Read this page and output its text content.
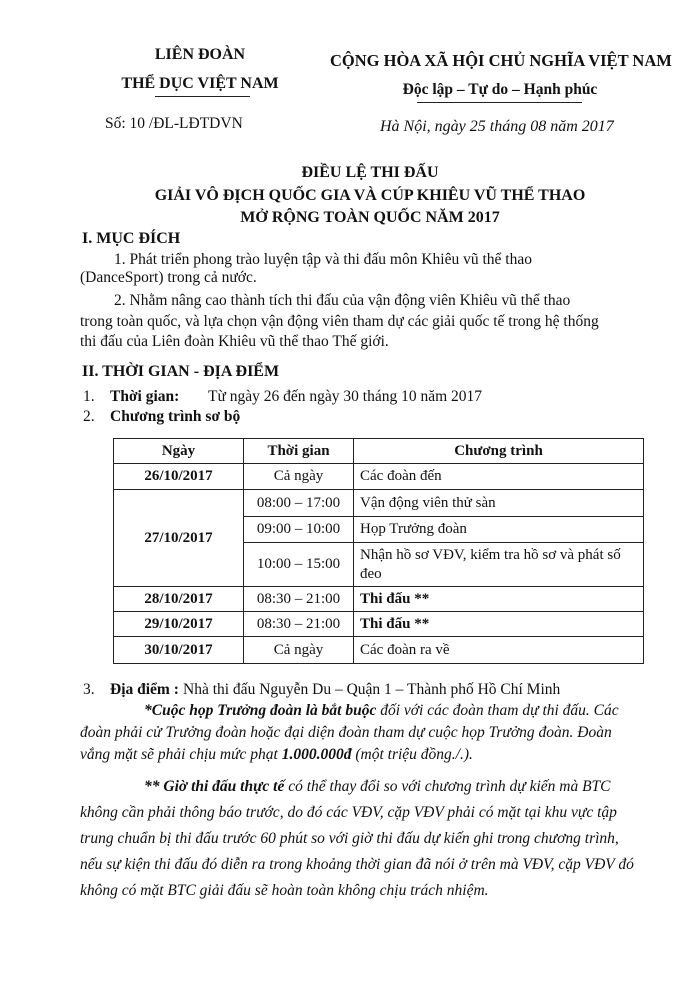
LIÊN ĐOÀN
THỂ DỤC VIỆT NAM
Số: 10 /ĐL-LĐTDVN
CỘNG HÒA XÃ HỘI CHỦ NGHĨA VIỆT NAM
Độc lập – Tự do – Hạnh phúc
Hà Nội, ngày 25 tháng 08 năm 2017
ĐIỀU LỆ THI ĐẤU
GIẢI VÔ ĐỊCH QUỐC GIA VÀ CÚP KHIÊU VŨ THỂ THAO
MỞ RỘNG TOÀN QUỐC NĂM 2017
I. MỤC ĐÍCH
1. Phát triển phong trào luyện tập và thi đấu môn Khiêu vũ thể thao
(DanceSport) trong cả nước.
2. Nhằm nâng cao thành tích thi đấu của vận động viên Khiêu vũ thể thao
trong toàn quốc, và lựa chọn vận động viên tham dự các giải quốc tế trong hệ thống
thi đấu của Liên đoàn Khiêu vũ thể thao Thế giới.
II. THỜI GIAN - ĐỊA ĐIỂM
1. Thời gian: Từ ngày 26 đến ngày 30 tháng 10 năm 2017
2. Chương trình sơ bộ
Ngày	Thời gian	Chương trình
26/10/2017	Cả ngày	Các đoàn đến
27/10/2017	08:00 – 17:00	Vận động viên thử sàn
	09:00 – 10:00	Họp Trưởng đoàn
	10:00 – 15:00	Nhận hồ sơ VĐV, kiểm tra hồ sơ và phát số đeo
28/10/2017	08:30 – 21:00	Thi đấu **
29/10/2017	08:30 – 21:00	Thi đấu **
30/10/2017	Cả ngày	Các đoàn ra về
3. Địa điểm : Nhà thi đấu Nguyễn Du – Quận 1 – Thành phố Hồ Chí Minh
*Cuộc họp Trưởng đoàn là bắt buộc đối với các đoàn tham dự thi đấu. Các đoàn phải cử Trưởng đoàn hoặc đại diện đoàn tham dự cuộc họp Trưởng đoàn. Đoàn vắng mặt sẽ phải chịu mức phạt 1.000.000đ (một triệu đồng./.).
** Giờ thi đấu thực tế có thể thay đổi so với chương trình dự kiến mà BTC không cần phải thông báo trước, do đó các VĐV, cặp VĐV phải có mặt tại khu vực tập trung chuẩn bị thi đấu trước 60 phút so với giờ thi đấu dự kiến ghi trong chương trình, nếu sự kiện thi đấu đó diễn ra trong khoảng thời gian đã nói ở trên mà VĐV, cặp VĐV đó không có mặt BTC giải đấu sẽ hoàn toàn không chịu trách nhiệm.
